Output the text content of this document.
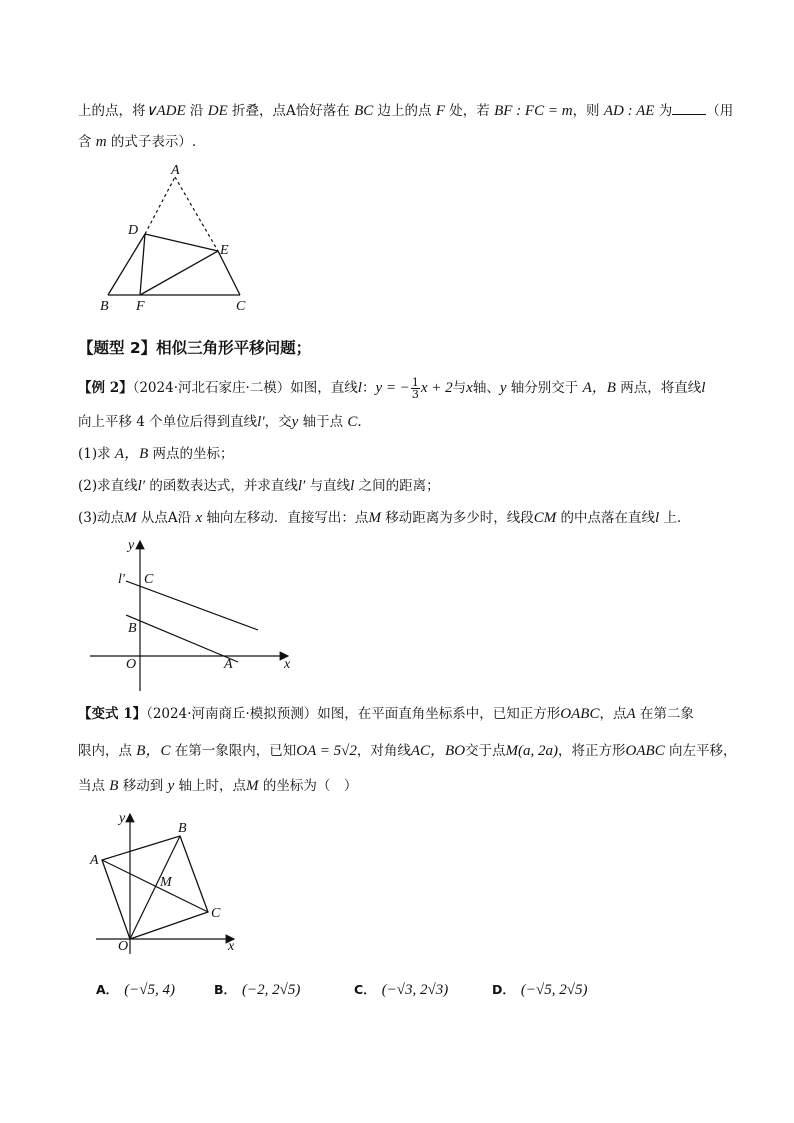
上的点，将∨ADE 沿 DE 折叠，点A恰好落在 BC 边上的点 F 处，若 BF : FC = m，则 AD : AE 为	（用
含 m 的式子表示）.
A
D
E
B F	C
【题型 2】相似三角形平移问题；
【例 2】（2024·河北石家庄·二模）如图，直线l：y = − $\frac{1}{3}$ x + 2与x轴、y 轴分别交于 A，B 两点，将直线l
向上平移 4 个单位后得到直线l′，交y 轴于点 C.
(1)求 A，B 两点的坐标；
(2)求直线l′ 的函数表达式，并求直线l′ 与直线l 之间的距离；
(3)动点M 从点A沿 x 轴向左移动．直接写出：点M 移动距离为多少时，线段CM 的中点落在直线l 上．
y
x
l′ C
B
O	A
【变式 1】（2024·河南商丘·模拟预测）如图，在平面直角坐标系中，已知正方形OABC，点A 在第二象
限内，点 B，C 在第一象限内，已知OA = 5√2，对角线AC，BO交于点M(a, 2a)，将正方形OABC 向左平移，
当点 B 移动到 y 轴上时，点M 的坐标为（　）
y
x
A
B
C
M
O
A． (−√5, 4)	B． (−2, 2√5)	C． (−√3, 2√3)	D． (−√5, 2√5)
